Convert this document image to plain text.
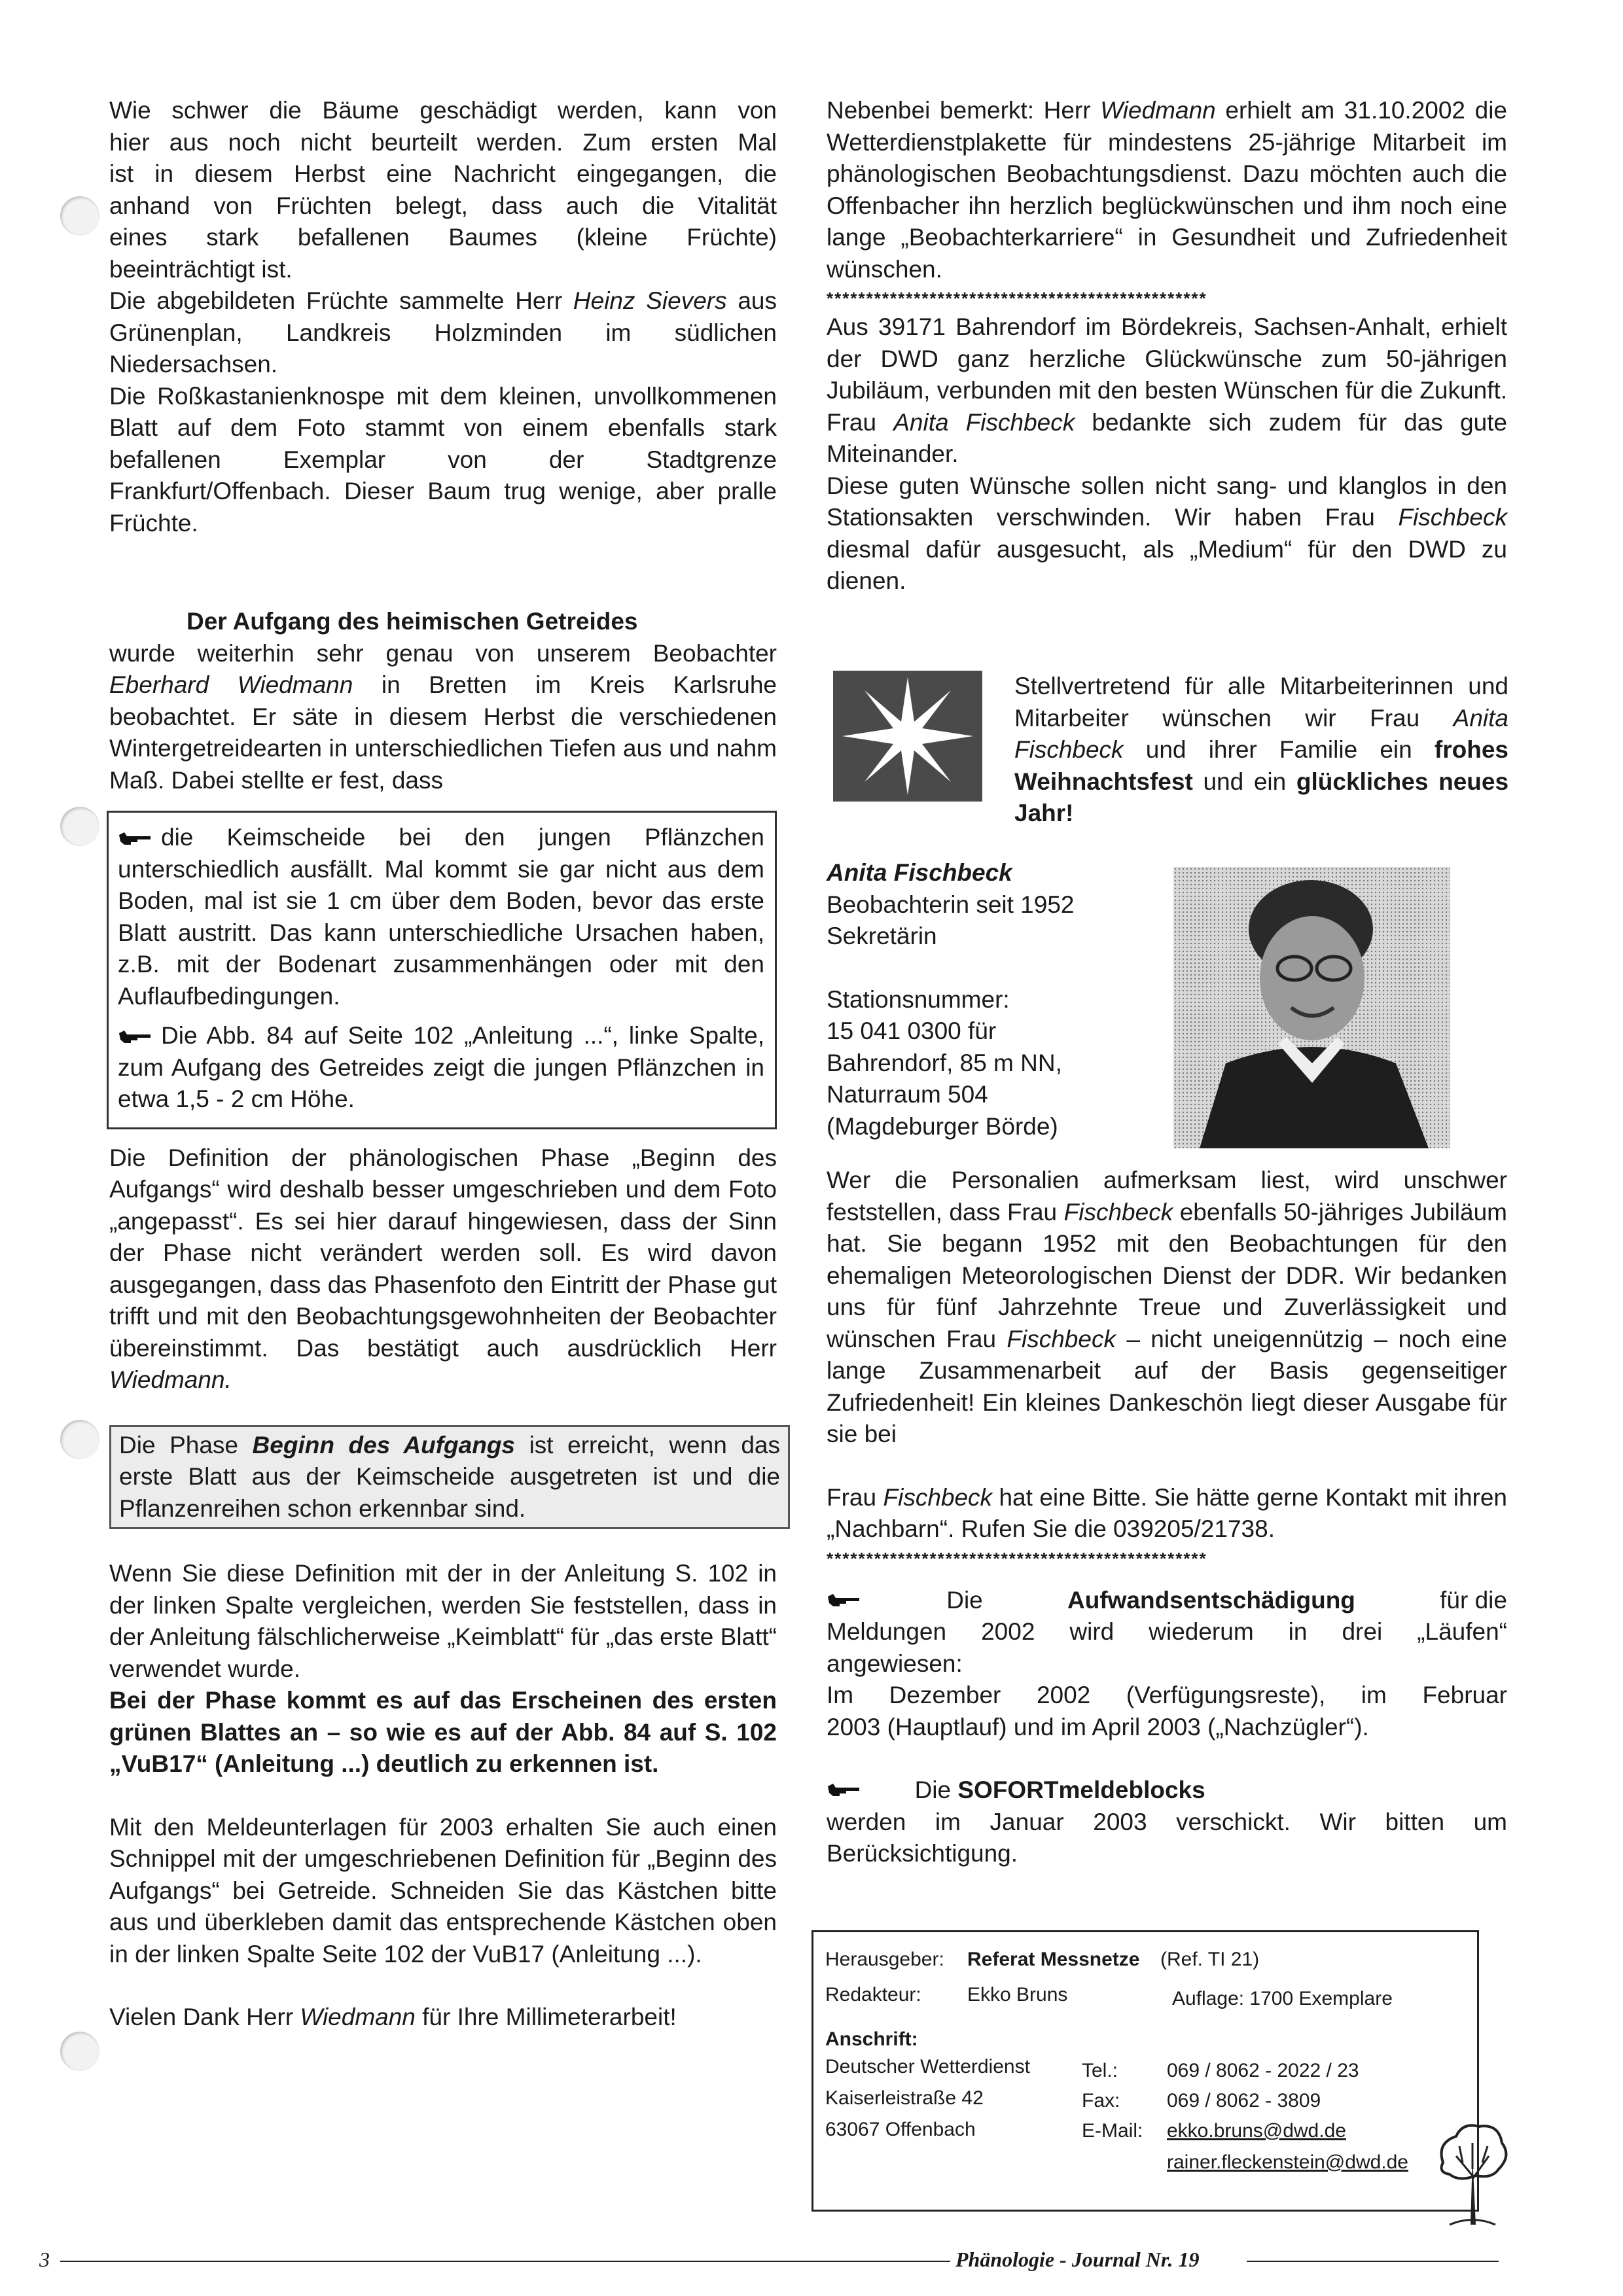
Wie schwer die Bäume geschädigt werden, kann von

hier aus noch nicht beurteilt werden. Zum ersten Mal

ist in diesem Herbst eine Nachricht eingegangen, die

anhand von Früchten belegt, dass auch die Vitalität

eines stark befallenen Baumes (kleine Früchte)

beeinträchtigt ist.

Die abgebildeten Früchte sammelte Herr Heinz Sievers aus Grünenplan, Landkreis Holzminden im südlichen Niedersachsen.

Die Roßkastanienknospe mit dem kleinen, unvollkommenen Blatt auf dem Foto stammt von einem ebenfalls stark befallenen Exemplar von der Stadtgrenze Frankfurt/Offenbach. Dieser Baum trug wenige, aber pralle Früchte.

Der Aufgang des heimischen Getreides

wurde weiterhin sehr genau von unserem Beobachter Eberhard Wiedmann in Bretten im Kreis Karlsruhe beobachtet. Er säte in diesem Herbst die verschiedenen Wintergetreidearten in unterschiedlichen Tiefen aus und nahm Maß. Dabei stellte er fest, dass

die Keimscheide bei den jungen Pflänzchen unterschiedlich ausfällt. Mal kommt sie gar nicht aus dem Boden, mal ist sie 1 cm über dem Boden, bevor das erste Blatt austritt. Das kann unterschiedliche Ursachen haben, z.B. mit der Bodenart zusammenhängen oder mit den Auflaufbedingungen.

Die Abb. 84 auf Seite 102 „Anleitung ...“, linke Spalte, zum Aufgang des Getreides zeigt die jungen Pflänzchen in etwa 1,5 - 2 cm Höhe.

Die Definition der phänologischen Phase „Beginn des Aufgangs“ wird deshalb besser umgeschrieben und dem Foto „angepasst“. Es sei hier darauf hingewiesen, dass der Sinn der Phase nicht verändert werden soll. Es wird davon ausgegangen, dass das Phasenfoto den Eintritt der Phase gut trifft und mit den Beobachtungsgewohnheiten der Beobachter übereinstimmt. Das bestätigt auch ausdrücklich Herr Wiedmann.

Die Phase Beginn des Aufgangs ist erreicht, wenn das erste Blatt aus der Keimscheide ausgetreten ist und die Pflanzenreihen schon erkennbar sind.

Wenn Sie diese Definition mit der in der Anleitung S. 102 in der linken Spalte vergleichen, werden Sie feststellen, dass in der Anleitung fälschlicherweise „Keimblatt“ für „das erste Blatt“ verwendet wurde.

Bei der Phase kommt es auf das Erscheinen des ersten grünen Blattes an – so wie es auf der Abb. 84 auf S. 102 „VuB17“ (Anleitung ...) deutlich zu erkennen ist.

Mit den Meldeunterlagen für 2003 erhalten Sie auch einen Schnippel mit der umgeschriebenen Definition für „Beginn des Aufgangs“ bei Getreide. Schneiden Sie das Kästchen bitte aus und überkleben damit das entsprechende Kästchen oben in der linken Spalte Seite 102 der VuB17 (Anleitung ...).

Vielen Dank Herr Wiedmann für Ihre Millimeterarbeit!

Nebenbei bemerkt: Herr Wiedmann erhielt am 31.10.2002 die Wetterdienstplakette für mindestens 25-jährige Mitarbeit im phänologischen Beobachtungsdienst. Dazu möchten auch die Offenbacher ihn herzlich beglückwünschen und ihm noch eine lange „Beobachterkarriere“ in Gesundheit und Zufriedenheit wünschen.

************************************************

Aus 39171 Bahrendorf im Bördekreis, Sachsen-Anhalt, erhielt der DWD ganz herzliche Glückwünsche zum 50-jährigen Jubiläum, verbunden mit den besten Wünschen für die Zukunft. Frau Anita Fischbeck bedankte sich zudem für das gute Miteinander.

Diese guten Wünsche sollen nicht sang- und klanglos in den Stationsakten verschwinden. Wir haben Frau Fischbeck diesmal dafür ausgesucht, als „Medium“ für den DWD zu dienen.

Stellvertretend für alle Mitarbeiterinnen und Mitarbeiter wünschen wir Frau Anita Fischbeck und ihrer Familie ein frohes Weihnachtsfest und ein glückliches neues Jahr!

Anita Fischbeck

Beobachterin seit 1952

Sekretärin

Stationsnummer:

15 041 0300 für

Bahrendorf, 85 m NN,

Naturraum 504

(Magdeburger Börde)

Wer die Personalien aufmerksam liest, wird unschwer feststellen, dass Frau Fischbeck ebenfalls 50-jähriges Jubiläum hat. Sie begann 1952 mit den Beobachtungen für den ehemaligen Meteorologischen Dienst der DDR. Wir bedanken uns für fünf Jahrzehnte Treue und Zuverlässigkeit und wünschen Frau Fischbeck – nicht uneigennützig – noch eine lange Zusammenarbeit auf der Basis gegenseitiger Zufriedenheit! Ein kleines Dankeschön liegt dieser Ausgabe für sie bei

Frau Fischbeck hat eine Bitte. Sie hätte gerne Kontakt mit ihren „Nachbarn“. Rufen Sie die 039205/21738.

************************************************

Die	Aufwandsentschädigung	für die

Meldungen 2002 wird wiederum in drei „Läufen“

angewiesen:

Im Dezember 2002 (Verfügungsreste), im Februar

2003 (Hauptlauf) und im April 2003 („Nachzügler“).

Die SOFORTmeldeblocks

werden im Januar 2003 verschickt. Wir bitten um

Berücksichtigung.

Herausgeber: Referat Messnetze (Ref. TI 21)
Redakteur: Ekko Bruns	Auflage: 1700 Exemplare
Anschrift:
Deutscher Wetterdienst
Kaiserleistraße 42
63067 Offenbach
Tel.: 069 / 8062 - 2022 / 23
Fax: 069 / 8062 - 3809
E-Mail: ekko.bruns@dwd.de
rainer.fleckenstein@dwd.de
3	Phänologie - Journal Nr. 19
